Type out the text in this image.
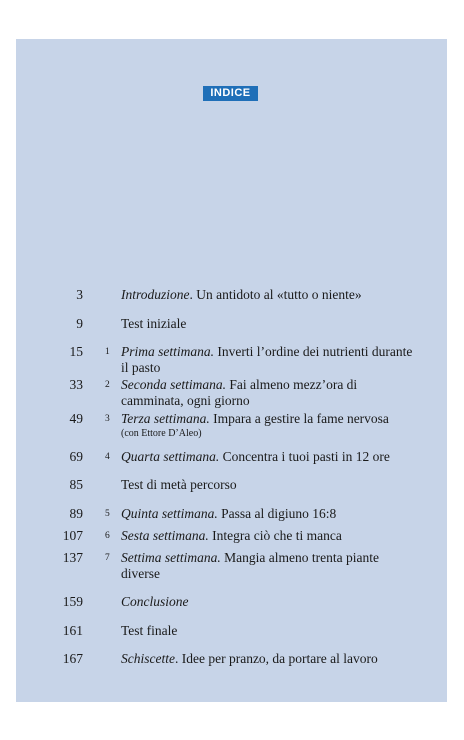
INDICE
3	Introduzione. Un antidoto al «tutto o niente»
9	Test iniziale
15 1 Prima settimana. Inverti l’ordine dei nutrienti durante il pasto
33 2 Seconda settimana. Fai almeno mezz’ora di camminata, ogni giorno
49 3 Terza settimana. Impara a gestire la fame nervosa
(con Ettore D’Aleo)
69 4 Quarta settimana. Concentra i tuoi pasti in 12 ore
85	Test di metà percorso
89 5 Quinta settimana. Passa al digiuno 16:8
107 6 Sesta settimana. Integra ciò che ti manca
137 7 Settima settimana. Mangia almeno trenta piante diverse
159	Conclusione
161	Test finale
167	Schiscette. Idee per pranzo, da portare al lavoro
